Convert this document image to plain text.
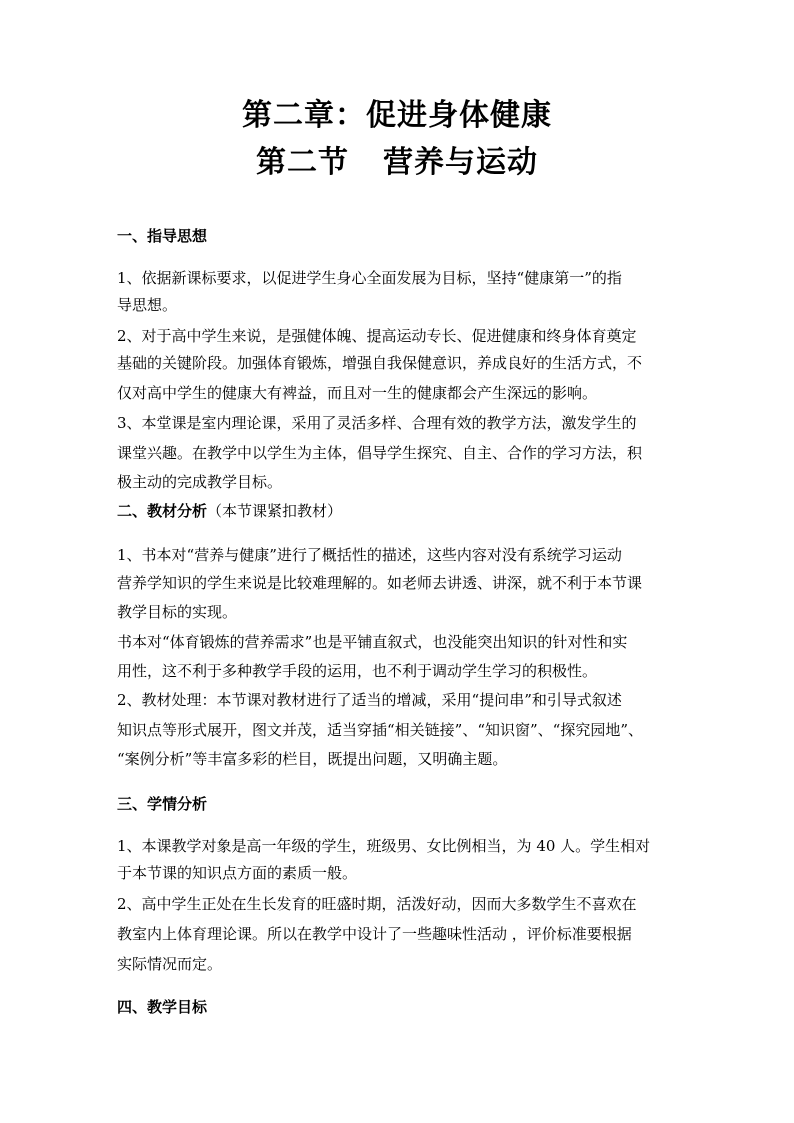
第二章：促进身体健康
第二节 营养与运动
一、指导思想
1、依据新课标要求，以促进学生身心全面发展为目标，坚持“健康第一”的指
导思想。
2、对于高中学生来说，是强健体魄、提高运动专长、促进健康和终身体育奠定
基础的关键阶段。加强体育锻炼，增强自我保健意识，养成良好的生活方式，不
仅对高中学生的健康大有裨益，而且对一生的健康都会产生深远的影响。
3、本堂课是室内理论课，采用了灵活多样、合理有效的教学方法，激发学生的
课堂兴趣。在教学中以学生为主体，倡导学生探究、自主、合作的学习方法，积
极主动的完成教学目标。
二、教材分析（本节课紧扣教材）
1、书本对“营养与健康”进行了概括性的描述，这些内容对没有系统学习运动
营养学知识的学生来说是比较难理解的。如老师去讲透、讲深，就不利于本节课
教学目标的实现。
书本对“体育锻炼的营养需求”也是平铺直叙式，也没能突出知识的针对性和实
用性，这不利于多种教学手段的运用，也不利于调动学生学习的积极性。
2、教材处理：本节课对教材进行了适当的增减，采用“提问串”和引导式叙述
知识点等形式展开，图文并茂，适当穿插“相关链接”、“知识窗”、“探究园地”、
“案例分析”等丰富多彩的栏目，既提出问题，又明确主题。
三、学情分析
1、本课教学对象是高一年级的学生，班级男、女比例相当，为 40 人。学生相对
于本节课的知识点方面的素质一般。
2、高中学生正处在生长发育的旺盛时期，活泼好动，因而大多数学生不喜欢在
教室内上体育理论课。所以在教学中设计了一些趣味性活动 ，评价标准要根据
实际情况而定。
四、教学目标
